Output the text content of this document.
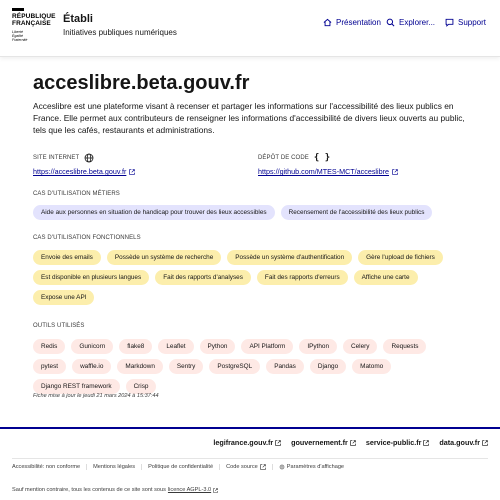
RÉPUBLIQUE
FRANÇAISE
Liberté
Égalité
Fraternité
Établi
Initiatives publiques numériques
Présentation Explorer...	Support
acceslibre.beta.gouv.fr

Acceslibre est une plateforme visant à recenser et partager les informations sur l'accessibilité des lieux publics en France. Elle permet aux contributeurs de renseigner les informations d'accessibilité de divers lieux ouverts au public, tels que les cafés, restaurants et administrations.

SITE INTERNET
https://acceslibre.beta.gouv.fr
DÉPÔT DE CODE { }
https://github.com/MTES-MCT/acceslibre
CAS D'UTILISATION MÉTIERS
Aide aux personnes en situation de handicap pour trouver des lieux accessibles	Recensement de l'accessibilité des lieux publics
CAS D'UTILISATION FONCTIONNELS
Envoie des emails	Possède un système de recherche	Possède un système d'authentification	Gère l'upload de fichiers
Est disponible en plusieurs langues	Fait des rapports d'analyses	Fait des rapports d'erreurs	Affiche une carte
Expose une API
OUTILS UTILISÉS
Redis	Gunicorn	flake8	Leaflet	Python	API Platform	IPython	Celery	Requests
pytest	waffle.io	Markdown	Sentry	PostgreSQL	Pandas	Django	Matomo
Django REST framework	Crisp
Fiche mise à jour le jeudi 21 mars 2024 à 15:37:44
legifrance.gouv.fr	gouvernement.fr	service-public.fr	data.gouv.fr
Accessibilité: non conforme Mentions légales Politique de confidentialité Code source	Paramètres d'affichage
Sauf mention contraire, tous les contenus de ce site sont sous licence AGPL-3.0
